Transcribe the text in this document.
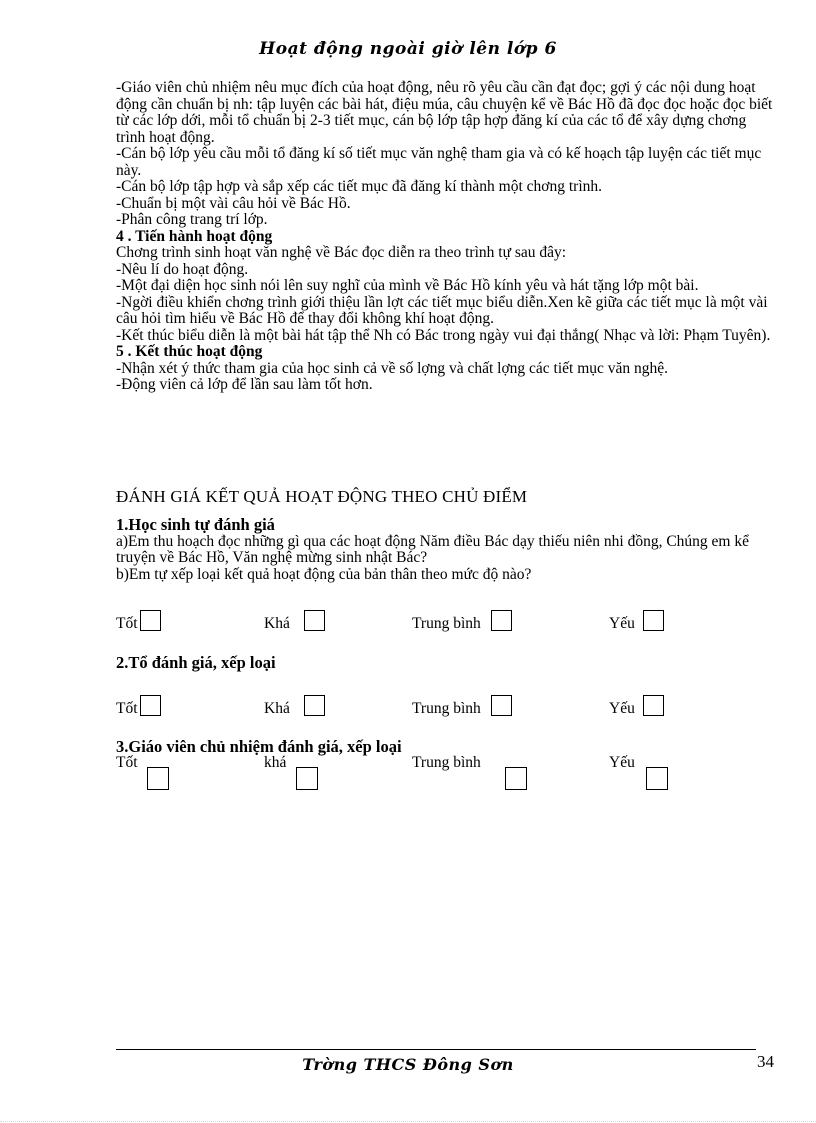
Hoạt động ngoài giờ lên lớp 6

-Giáo viên chủ nhiệm nêu mục đích của hoạt động, nêu rõ yêu cầu cần đạt đọc; gợi ý các nội dung hoạt động cần chuẩn bị nh: tập luyện các bài hát, điệu múa, câu chuyện kể về Bác Hồ đã đọc đọc hoặc đọc biết từ các lớp dới, mỗi tổ chuẩn bị 2-3 tiết mục, cán bộ lớp tập hợp đăng kí của các tổ để xây dựng chơng trình hoạt động.

-Cán bộ lớp yêu cầu mỗi tổ đăng kí số tiết mục văn nghệ tham gia và có kế hoạch tập luyện các tiết mục này.

-Cán bộ lớp tập hợp và sắp xếp các tiết mục đã đăng kí thành một chơng trình.

-Chuẩn bị một vài câu hỏi về Bác Hồ.

-Phân công trang trí lớp.

4 . Tiến hành hoạt động

Chơng trình sinh hoạt văn nghệ về Bác đọc diễn ra theo trình tự sau đây:

-Nêu lí do hoạt động.

-Một đại diện học sinh nói lên suy nghĩ của mình về Bác Hồ kính yêu và hát tặng lớp một bài.

-Ngời điều khiển chơng trình giới thiệu lần lợt các tiết mục biểu diễn.Xen kẽ giữa các tiết mục là một vài câu hỏi tìm hiểu về Bác Hồ để thay đổi không khí hoạt động.

-Kết thúc biểu diễn là một bài hát tập thể Nh có Bác trong ngày vui đại thắng( Nhạc và lời: Phạm Tuyên).

5 . Kết thúc hoạt động

-Nhận xét ý thức tham gia của học sinh cả về số lợng và chất lợng các tiết mục văn nghệ.

-Động viên cả lớp để lần sau làm tốt hơn.

ĐÁNH GIÁ KẾT QUẢ HOẠT ĐỘNG THEO CHỦ ĐIỂM

1.Học sinh tự đánh giá

a)Em thu hoạch đọc những gì qua các hoạt động Năm điều Bác dạy thiếu niên nhi đồng, Chúng em kể truyện về Bác Hồ, Văn nghệ mừng sinh nhật Bác?

b)Em tự xếp loại kết quả hoạt động của bản thân theo mức độ nào?

Tốt	Khá	Trung bình	Yếu
2.Tổ đánh giá, xếp loại
Tốt	Khá	Trung bình	Yếu
3.Giáo viên chủ nhiệm đánh giá, xếp loại
Tốt	khá	Trung bình	Yếu
Trờng THCS Đông Sơn	34
